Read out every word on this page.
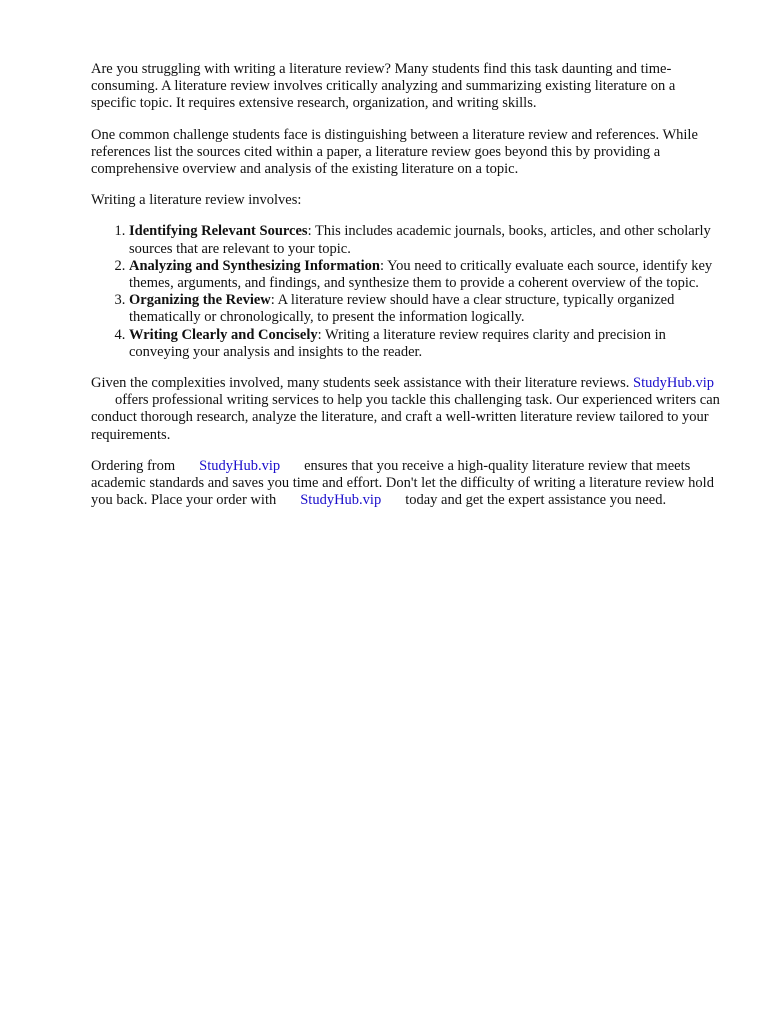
Are you struggling with writing a literature review? Many students find this task daunting and time-consuming. A literature review involves critically analyzing and summarizing existing literature on a specific topic. It requires extensive research, organization, and writing skills.

One common challenge students face is distinguishing between a literature review and references. While references list the sources cited within a paper, a literature review goes beyond this by providing a comprehensive overview and analysis of the existing literature on a topic.

Writing a literature review involves:

1. Identifying Relevant Sources: This includes academic journals, books, articles, and other scholarly sources that are relevant to your topic.
2. Analyzing and Synthesizing Information: You need to critically evaluate each source, identify key themes, arguments, and findings, and synthesize them to provide a coherent overview of the topic.
3. Organizing the Review: A literature review should have a clear structure, typically organized thematically or chronologically, to present the information logically.
4. Writing Clearly and Concisely: Writing a literature review requires clarity and precision in conveying your analysis and insights to the reader.

Given the complexities involved, many students seek assistance with their literature reviews. StudyHub.vipoffers professional writing services to help you tackle this challenging task. Our experienced writers can conduct thorough research, analyze the literature, and craft a well-written literature review tailored to your requirements.

Ordering from StudyHub.vip ensures that you receive a high-quality literature review that meets academic standards and saves you time and effort. Don't let the difficulty of writing a literature review hold you back. Place your order with StudyHub.vip today and get the expert assistance you need.
